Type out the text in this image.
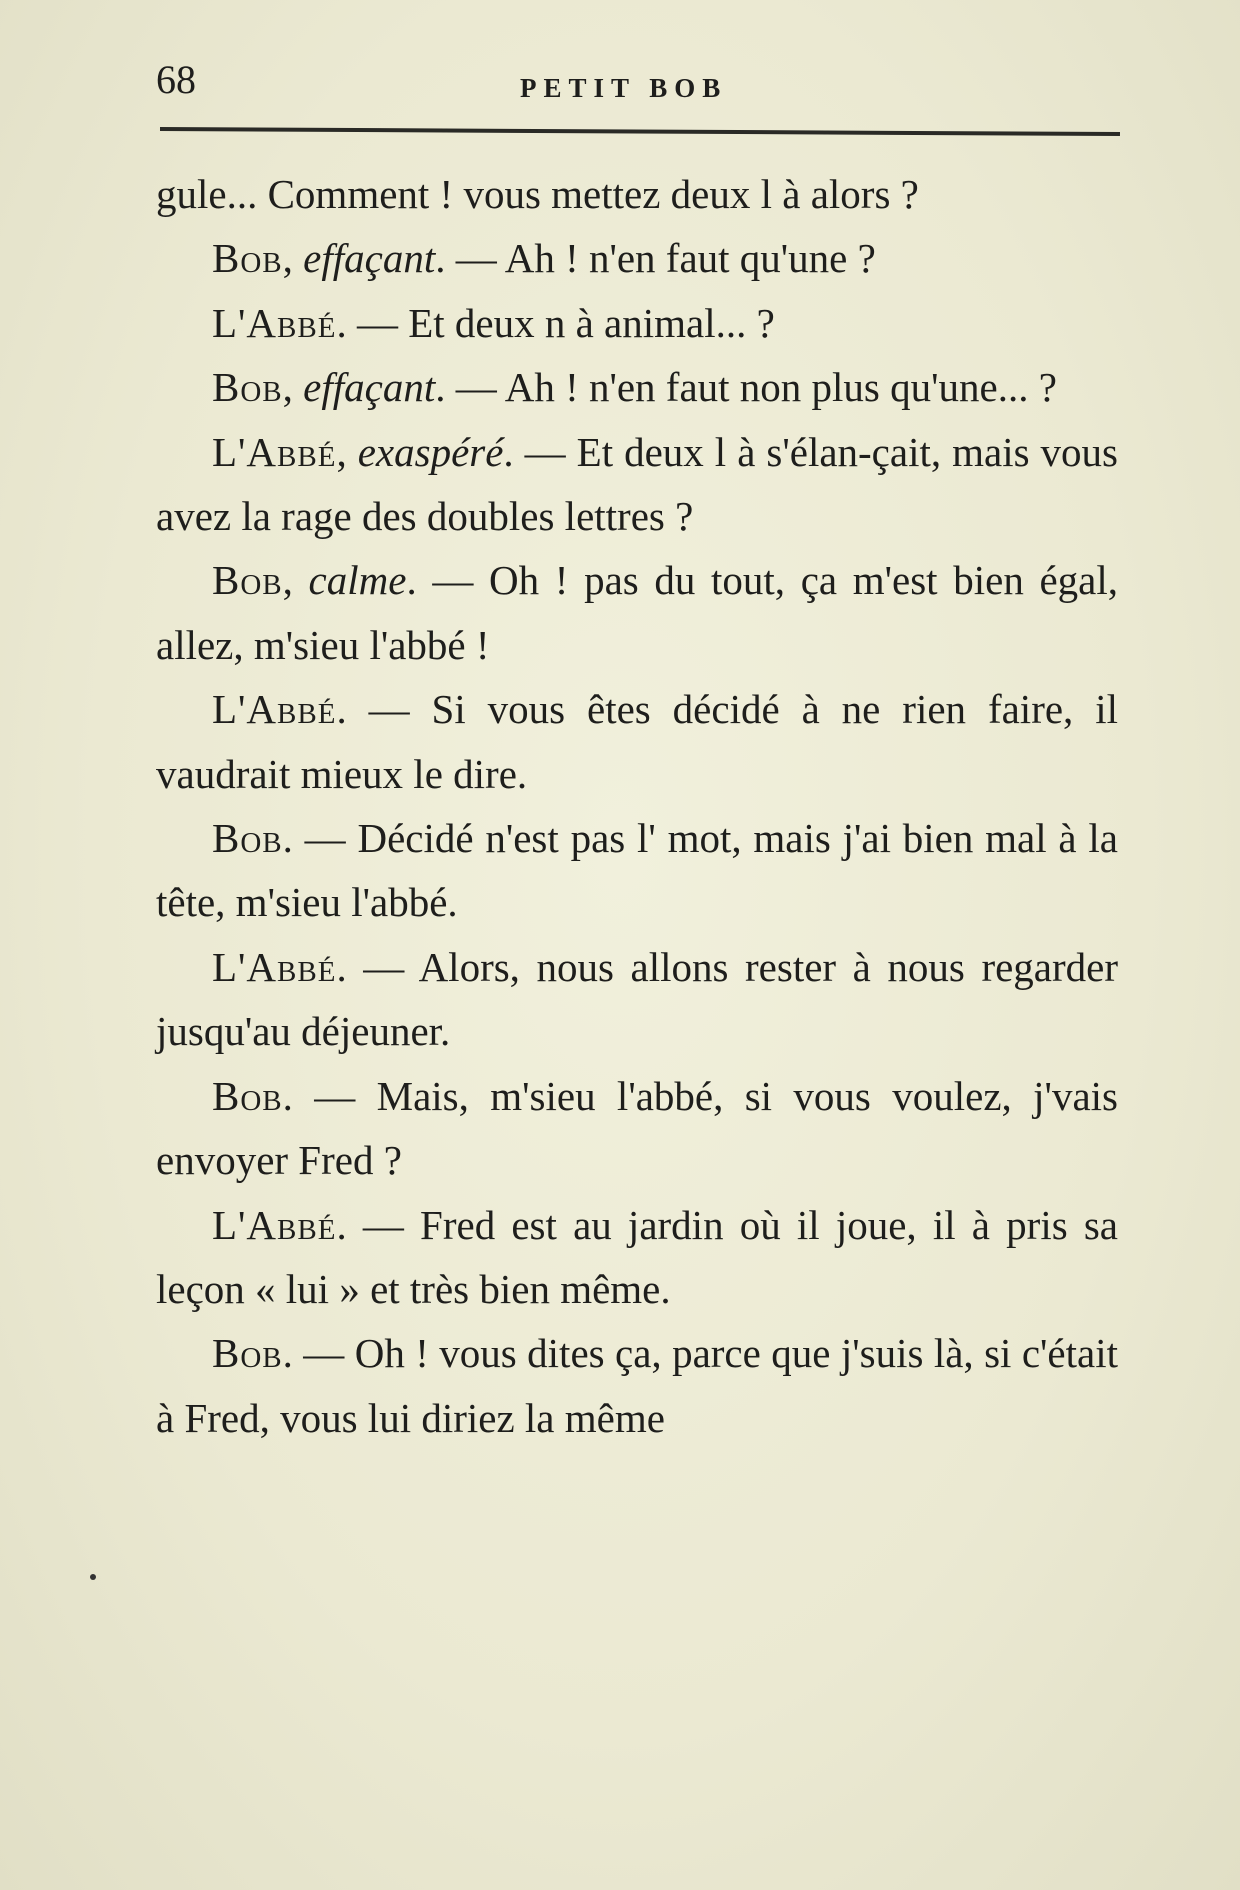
68	PETIT BOB

gule... Comment ! vous mettez deux l à alors ?

Bob, effaçant. — Ah ! n'en faut qu'une ?

L'Abbé. — Et deux n à animal... ?

Bob, effaçant. — Ah ! n'en faut non plus qu'une... ?

L'Abbé, exaspéré. — Et deux l à s'élan-çait, mais vous avez la rage des doubles lettres ?

Bob, calme. — Oh ! pas du tout, ça m'est bien égal, allez, m'sieu l'abbé !

L'Abbé. — Si vous êtes décidé à ne rien faire, il vaudrait mieux le dire.

Bob. — Décidé n'est pas l' mot, mais j'ai bien mal à la tête, m'sieu l'abbé.

L'Abbé. — Alors, nous allons rester à nous regarder jusqu'au déjeuner.

Bob. — Mais, m'sieu l'abbé, si vous voulez, j'vais envoyer Fred ?

L'Abbé. — Fred est au jardin où il joue, il à pris sa leçon « lui » et très bien même.

Bob. — Oh ! vous dites ça, parce que j'suis là, si c'était à Fred, vous lui diriez la même
